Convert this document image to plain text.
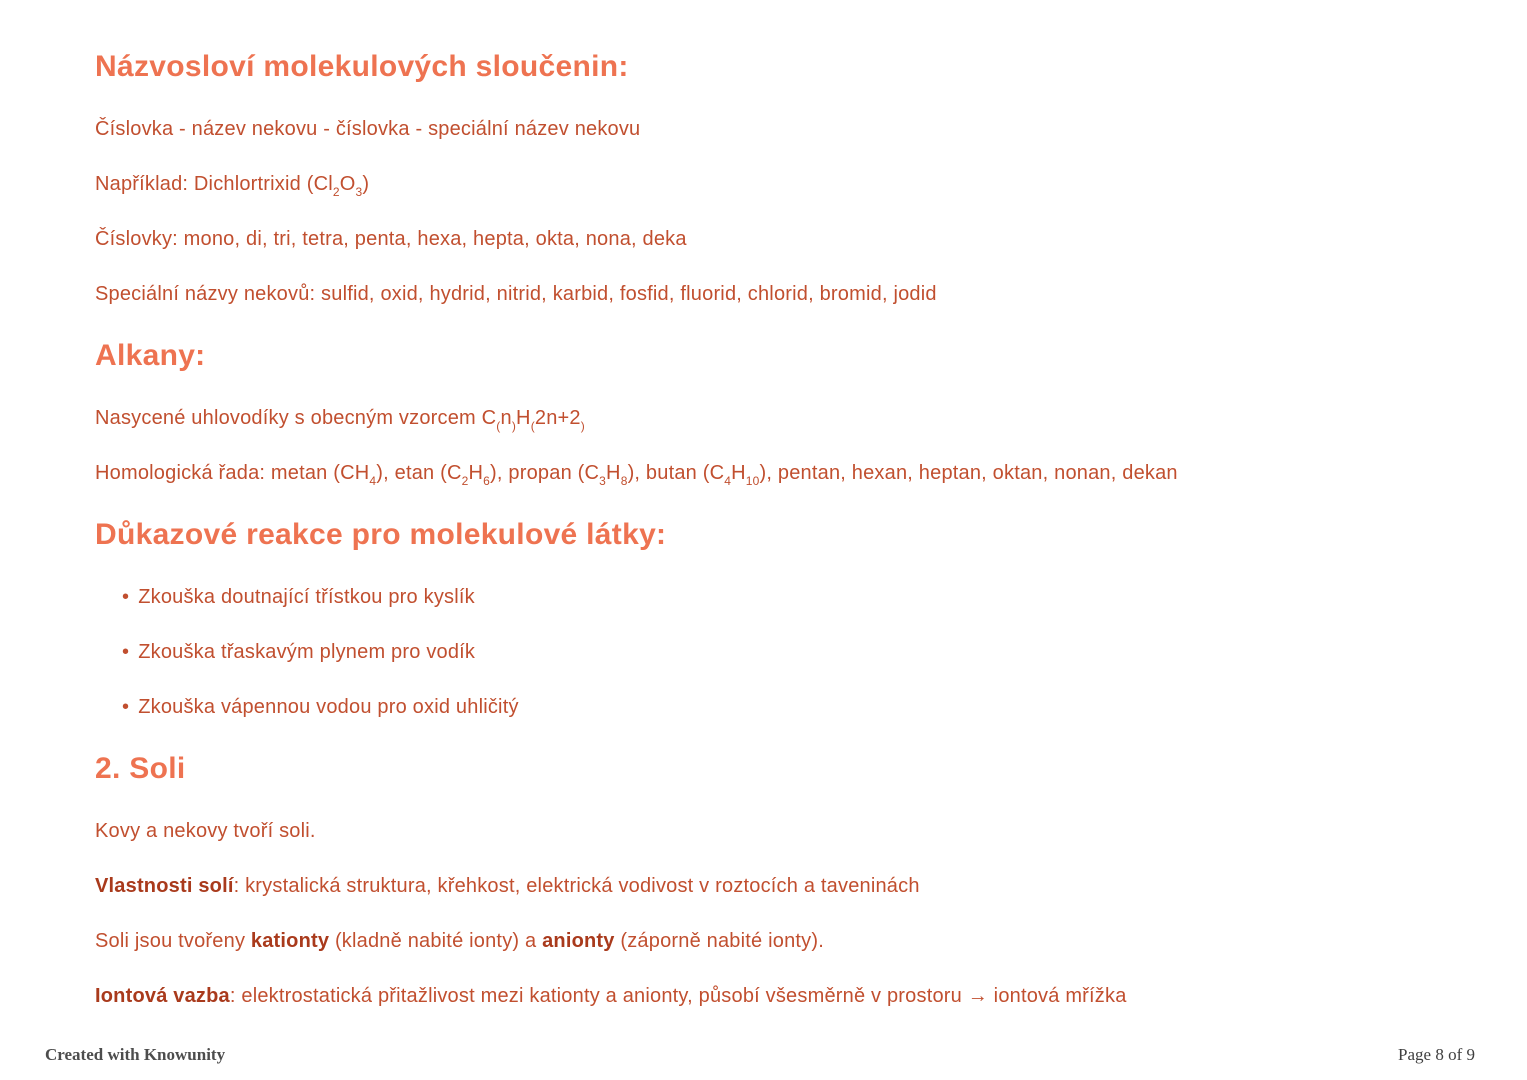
Názvosloví molekulových sloučenin:
Číslovka - název nekovu - číslovka - speciální název nekovu
Například: Dichlortrixid $(Cl_2O_3)$
Číslovky: mono, di, tri, tetra, penta, hexa, hepta, okta, nona, deka
Speciální názvy nekovů: sulfid, oxid, hydrid, nitrid, karbid, fosfid, fluorid, chlorid, bromid, jodid
Alkany:
Nasycené uhlovodíky s obecným vzorcem $C_(n_)H_(2n+2_)$
Homologická řada: metan $(CH_4)$, etan $(C_2H_6)$, propan $(C_3H_8)$, butan $(C_4H_{10})$, pentan, hexan, heptan, oktan, nonan, dekan
Důkazové reakce pro molekulové látky:
• Zkouška doutnající třístkou pro kyslík
• Zkouška třaskavým plynem pro vodík
• Zkouška vápennou vodou pro oxid uhličitý
2. Soli
Kovy a nekovy tvoří soli.
Vlastnosti solí: krystalická struktura, křehkost, elektrická vodivost v roztocích a taveninách
Soli jsou tvořeny kationty (kladně nabité ionty) a anionty (záporně nabité ionty).
Iontová vazba: elektrostatická přitažlivost mezi kationty a anionty, působí všesměrně v prostoru → iontová mřížka
Created with Knowunity	Page 8 of 9
